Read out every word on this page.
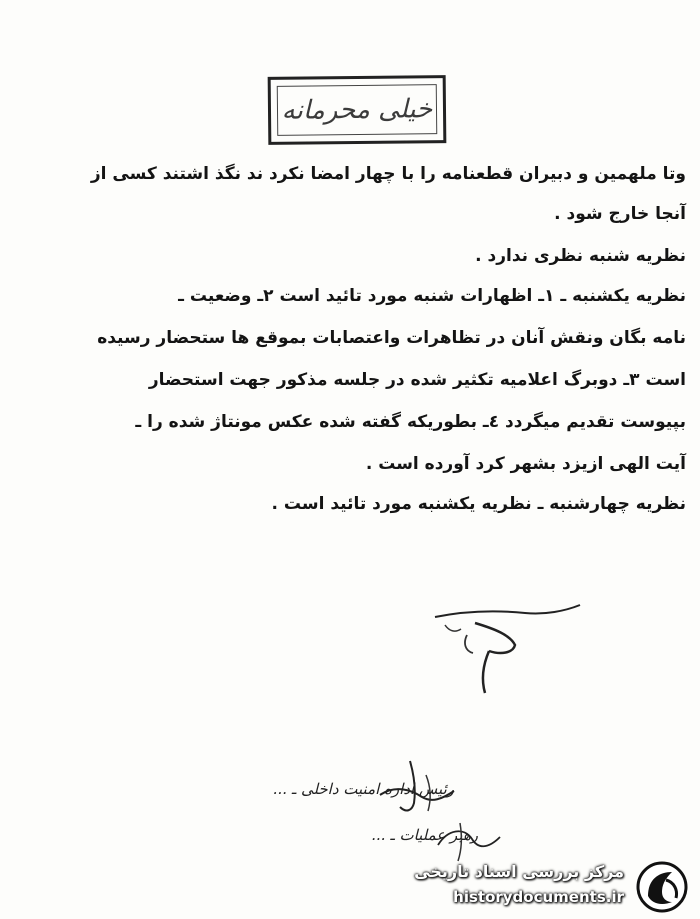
خیلی محرمانه
وتا ملهمین و دبیران قطعنامه را با چهار امضا نکرد ند نگذ اشتند کسی از
آنجا خارج شود .
نظریه شنبه نظری ندارد .
نظریه یکشنبه ـ ۱ـ اظهارات شنبه مورد تائید است ۲ـ وضعیت ـ
نامه بگان ونقش آنان در تظاهرات واعتصابات بموقع ها ستحضار رسیده
است ۳ـ دوبرگ اعلامیه تکثیر شده در جلسه مذکور جهت استحضار
بپیوست تقدیم میگردد ٤ـ بطوریکه گفته شده عکس مونتاژ شده را ـ
آیت الهی ازیزد بشهر کرد آورده است .
نظریه چهارشنبه ـ نظریه یکشنبه مورد تائید است .
رئیس اداره امنیت داخلی ـ ...
رهبر عملیات ـ ...
مرکز بررسی اسناد تاریخی
historydocuments.ir
